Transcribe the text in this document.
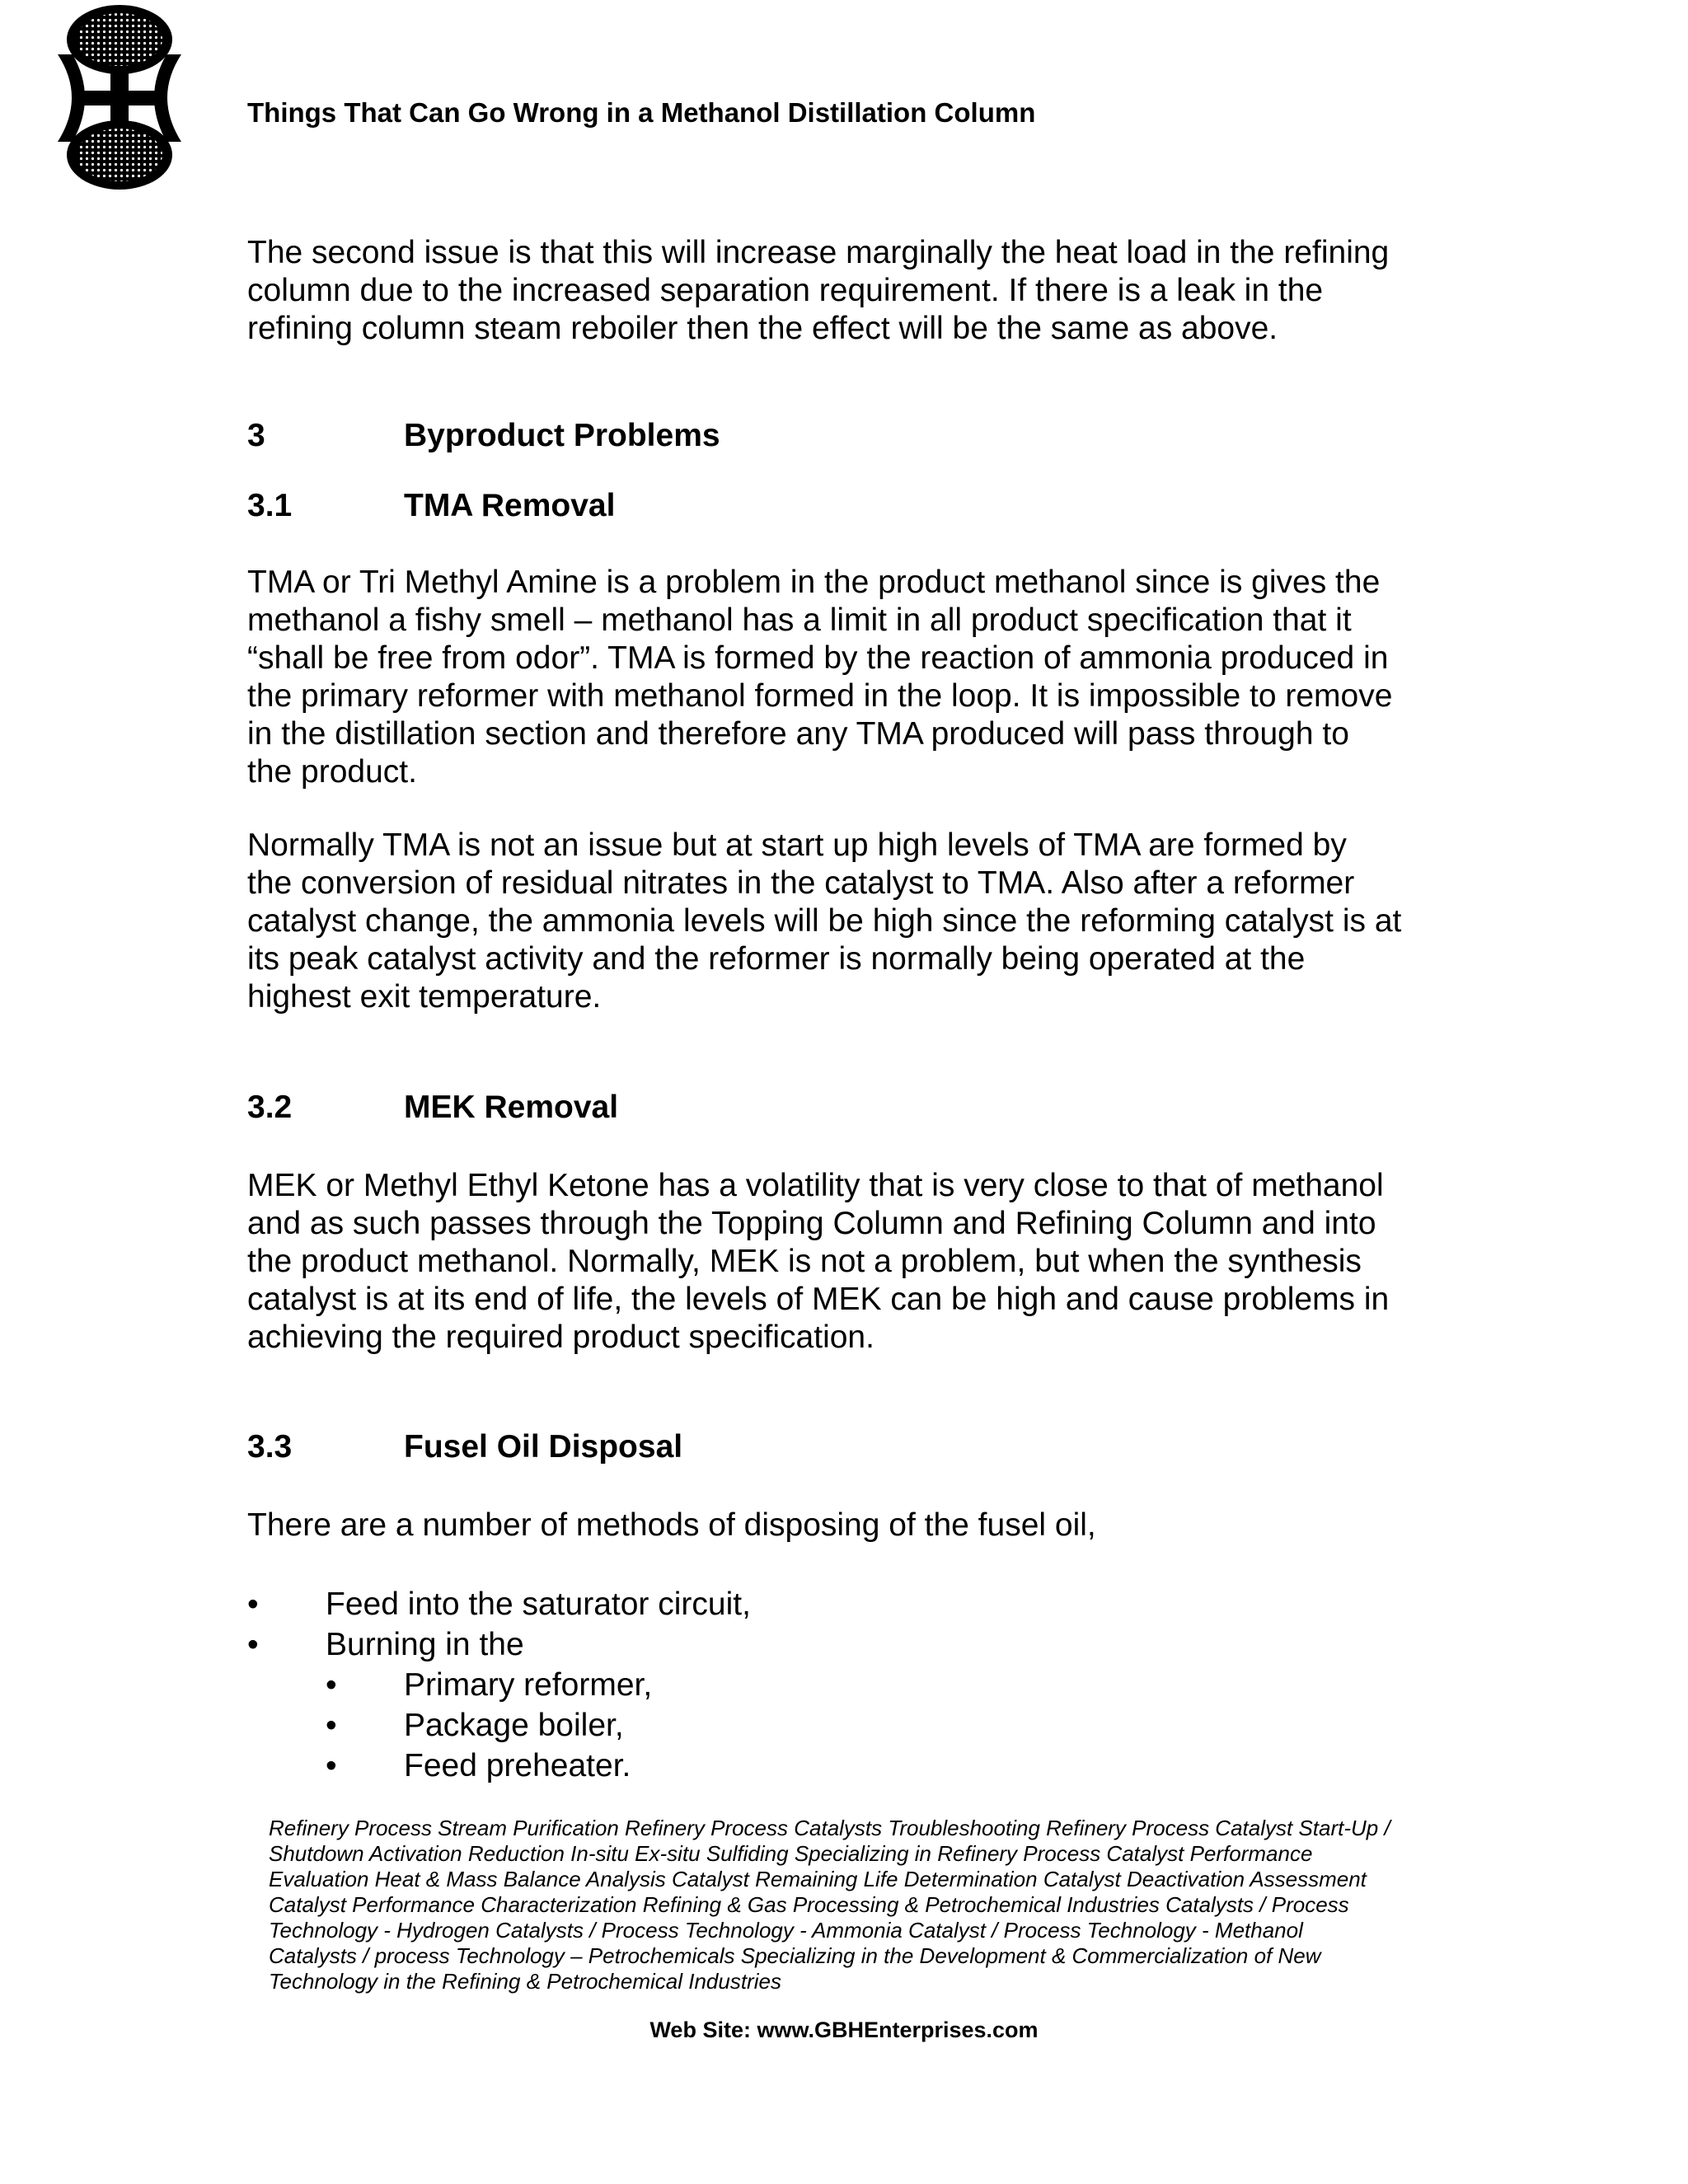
Things That Can Go Wrong in a Methanol Distillation Column
The second issue is that this will increase marginally the heat load in the refining
column due to the increased separation requirement. If there is a leak in the
refining column steam reboiler then the effect will be the same as above.
3	Byproduct Problems
3.1	TMA Removal
TMA or Tri Methyl Amine is a problem in the product methanol since is gives the
methanol a fishy smell – methanol has a limit in all product specification that it
“shall be free from odor”. TMA is formed by the reaction of ammonia produced in
the primary reformer with methanol formed in the loop. It is impossible to remove
in the distillation section and therefore any TMA produced will pass through to
the product.
Normally TMA is not an issue but at start up high levels of TMA are formed by
the conversion of residual nitrates in the catalyst to TMA. Also after a reformer
catalyst change, the ammonia levels will be high since the reforming catalyst is at
its peak catalyst activity and the reformer is normally being operated at the
highest exit temperature.
3.2	MEK Removal
MEK or Methyl Ethyl Ketone has a volatility that is very close to that of methanol
and as such passes through the Topping Column and Refining Column and into
the product methanol. Normally, MEK is not a problem, but when the synthesis
catalyst is at its end of life, the levels of MEK can be high and cause problems in
achieving the required product specification.
3.3	Fusel Oil Disposal
There are a number of methods of disposing of the fusel oil,
• Feed into the saturator circuit,
• Burning in the
• Primary reformer,
• Package boiler,
• Feed preheater.
Refinery Process Stream Purification Refinery Process Catalysts Troubleshooting Refinery Process Catalyst Start-Up /
Shutdown Activation Reduction In-situ Ex-situ Sulfiding Specializing in Refinery Process Catalyst Performance
Evaluation Heat & Mass Balance Analysis Catalyst Remaining Life Determination Catalyst Deactivation Assessment
Catalyst Performance Characterization Refining & Gas Processing & Petrochemical Industries Catalysts / Process
Technology - Hydrogen Catalysts / Process Technology - Ammonia Catalyst / Process Technology - Methanol
Catalysts / process Technology – Petrochemicals Specializing in the Development & Commercialization of New
Technology in the Refining & Petrochemical Industries
Web Site: www.GBHEnterprises.com
